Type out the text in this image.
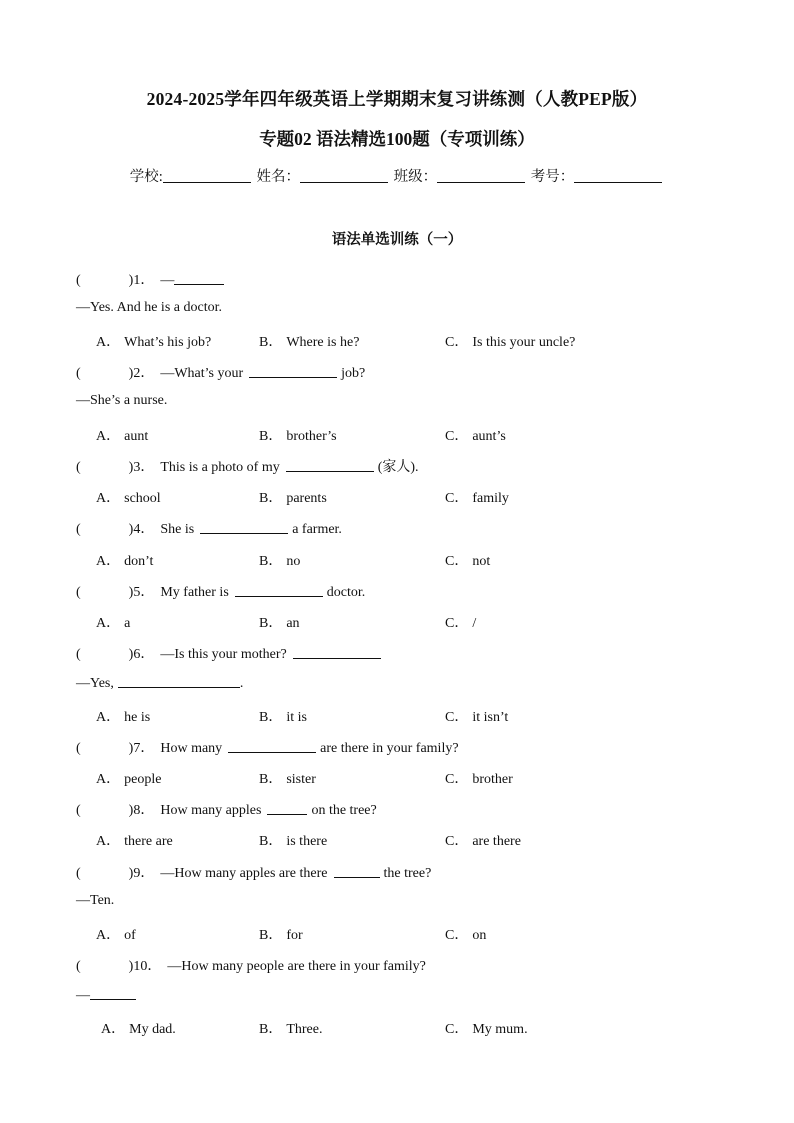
2024-2025学年四年级英语上学期期末复习讲练测（人教PEP版）
专题02 语法精选100题（专项训练）
学校:	姓名：	班级：	考号：
语法单选训练（一）
(	)1． —
—Yes. And he is a doctor.
A． What’s his job?	B． Where is he?	C． Is this your uncle?
(	)2． —What’s your	job?
—She’s a nurse.
A． aunt	B． brother’s	C． aunt’s
(	)3． This is a photo of my	(家人).
A． school	B． parents	C． family
(	)4． She is	a farmer.
A． don’t	B． no	C． not
(	)5． My father is	doctor.
A． a	B． an	C． /
(	)6． —Is this your mother?
—Yes,	.
A． he is	B． it is	C． it isn’t
(	)7． How many	are there in your family?
A． people	B． sister	C． brother
(	)8． How many apples	on the tree?
A． there are	B． is there	C． are there
(	)9． —How many apples are there	the tree?
—Ten.
A． of	B． for	C． on
(	)10． —How many people are there in your family?
—
A． My dad.	B． Three.	C． My mum.
